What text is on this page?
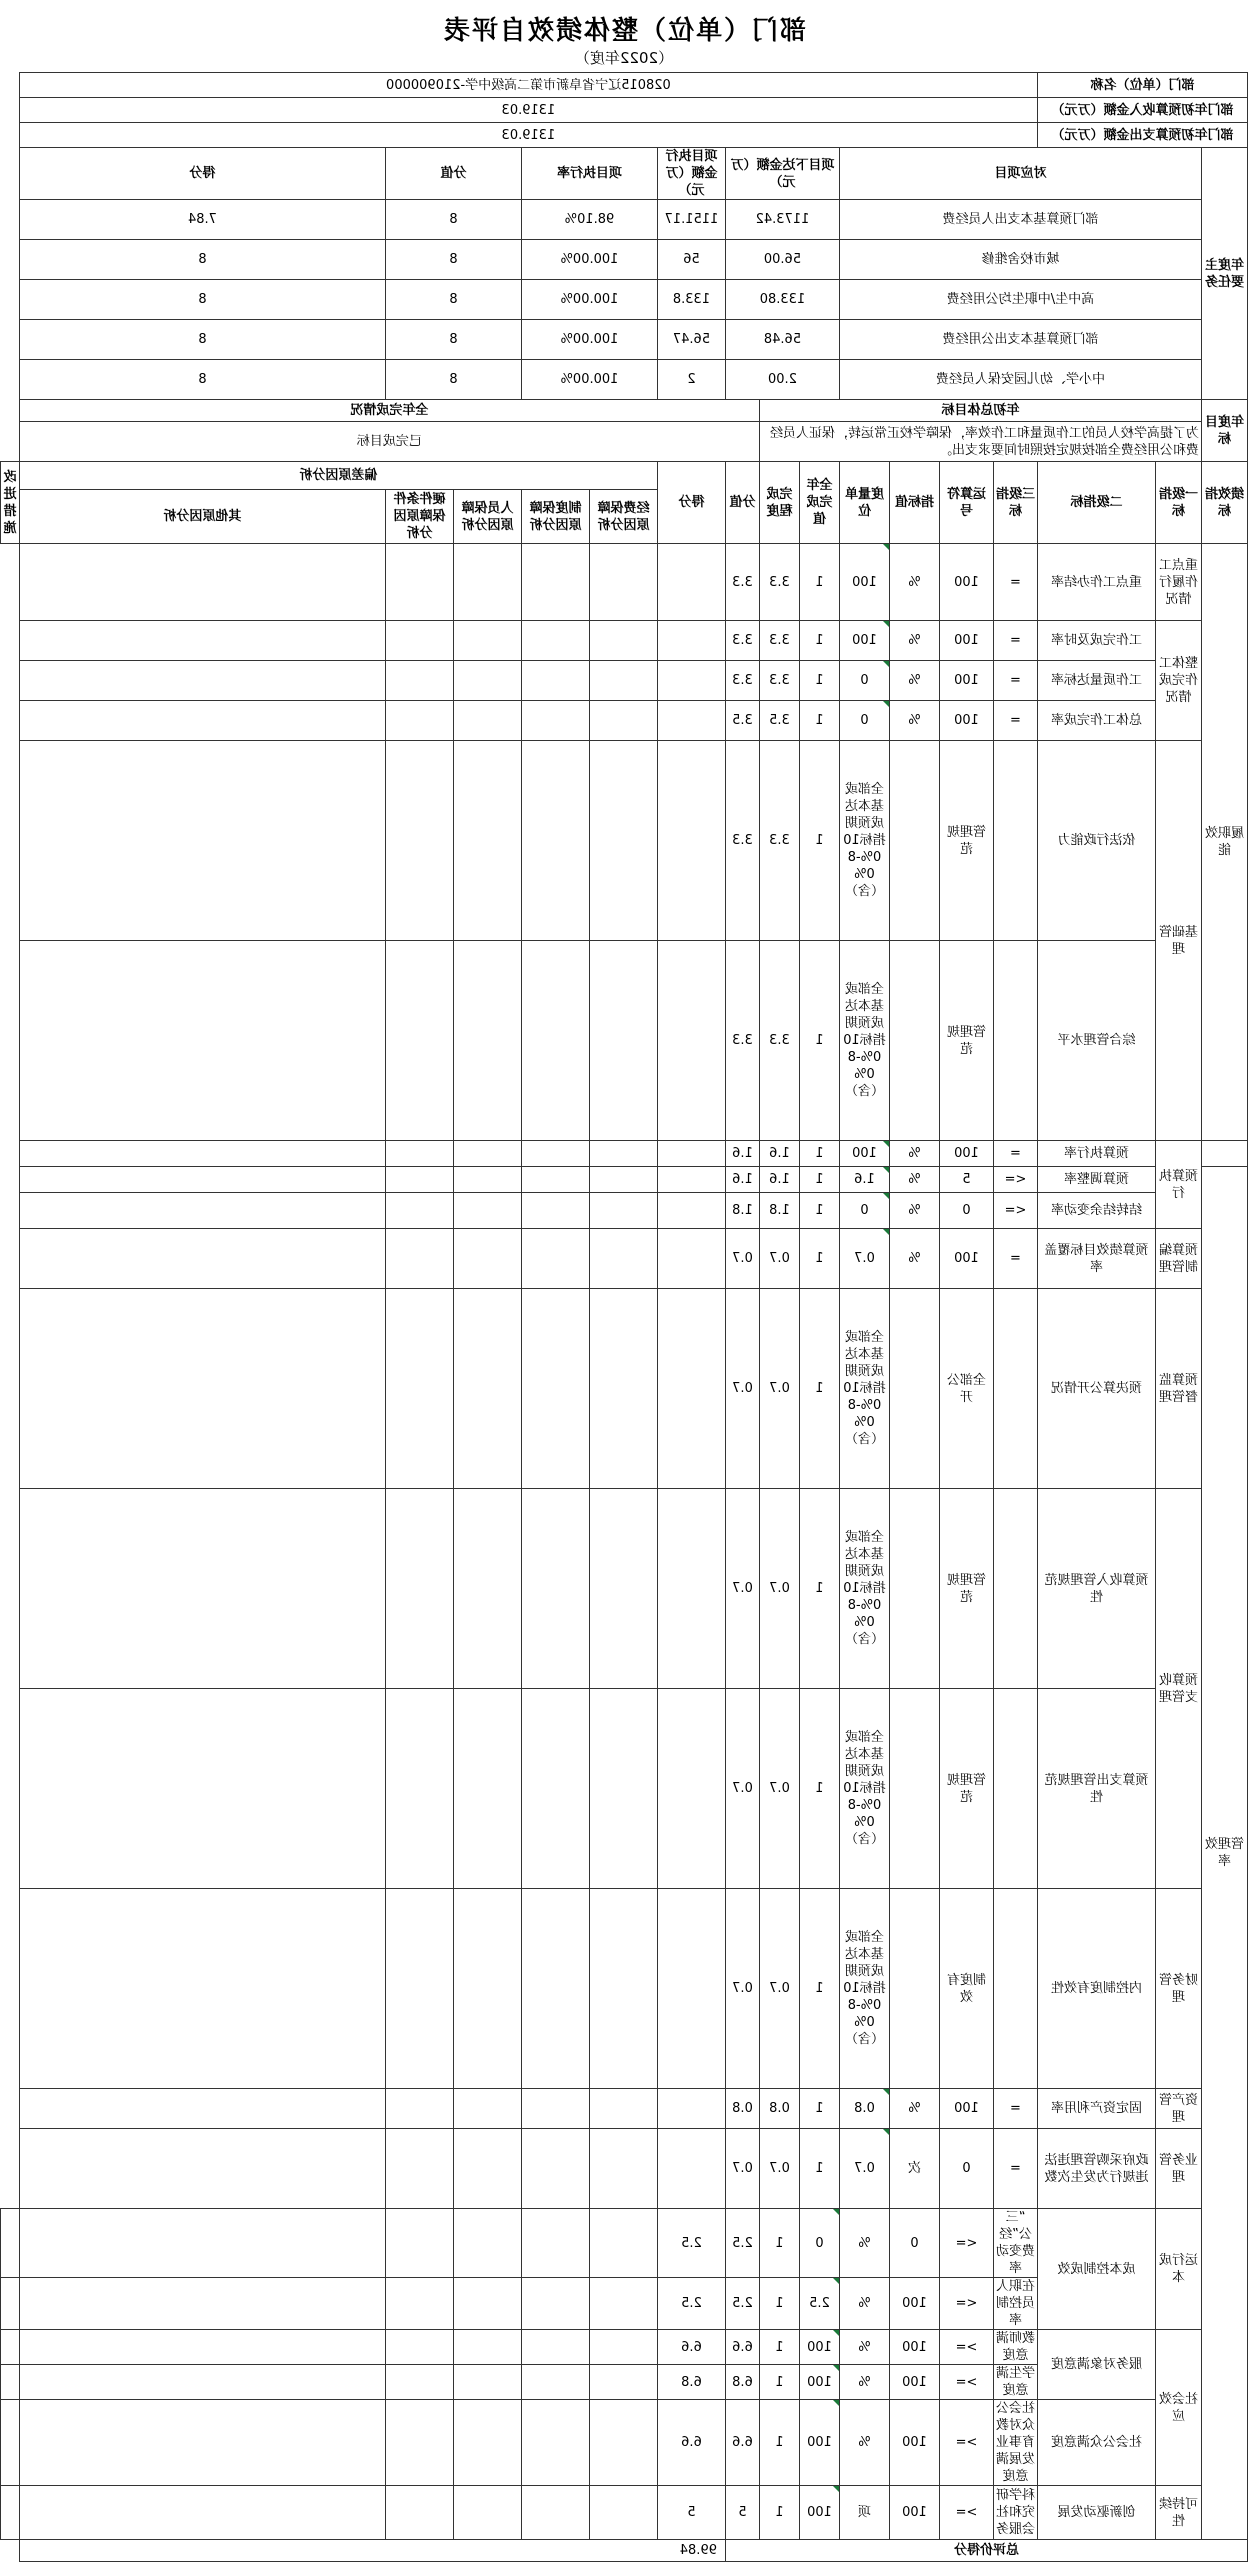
部门（单位）整体绩效自评表
（2022年度）
部门（单位）名称			028015辽宁省阜新市第二高级中学-210900000													
部门年初预算收入金额（万元）			1319.03													
部门年初预算支出金额（万元）			1319.03													
年度主要任务	对应项目						项目下达金额（万元）			项目执行金额（万元）	项目执行率		分值		得分	
	部门预算基本支出人员经费						1173.42			1151.17	98.10%		8		7.84	
	城市校舍维修						56.00			56	100.00%		8		8	
	高中生/中职生均公用经费						133.80			133.8	100.00%		8		8	
	部门预算基本支出公用经费						56.48			56.47	100.00%		8		8	
	中小学、幼儿园安保人员经费						2.00			2	100.00%		8		8	
年度目标	年初总体目标								全年完成情况							
	为了提高学校人员的工作质量和工作效率，保障学校正常运转，保证人员经费和公用经费全部按规定按照时间要求支出。								已完成目标							
绩效指标	一级指标	二级指标	三级指标	运算符号	指标值	度量单位	全年完成值	完成程度	分值	得分	偏差原因分析					改进措施
											经费保障原因分析	制度保障原因分析	人员保障原因分析	硬件条件保障原因分析	其他原因分析	
履职效能	重点工作履行情况	重点工作办结率	=	100	%	100	1	3.3	3.3							
	整体工作完成情况	工作完成及时率	=	100	%	100	1	3.3	3.3							
		工作质量达标率	=	100	%	0	1	3.3	3.3							
		总体工作完成率	=	100	%	0	1	3.5	3.5							
	基础管理	依法行政能力		管理规范		全部或基本达成预期指标100%-80%（含）	1	3.3	3.3							
		综合管理水平		管理规范		全部或基本达成预期指标100%-80%（含）	1	3.3	3.3							
	预算执行	预算执行率	=	100	%	100	1	1.6	1.6							
管理效率		预算调整率	<=	5	%	1.6	1	1.6	1.6							
		结转结余变动率	<=	0	%	0	1	1.8	1.8							
	预算编制管理	预算绩效目标覆盖率	=	100	%	0.7	1	0.7	0.7							
	预算监督管理	预决算公开情况		全部公开		全部或基本达成预期指标100%-80%（含）	1	0.7	0.7							
	预算收支管理	预算收入管理规范性		管理规范		全部或基本达成预期指标100%-80%（含）	1	0.7	0.7							
		预算支出管理规范性		管理规范		全部或基本达成预期指标100%-80%（含）	1	0.7	0.7							
	财务管理	内控制度有效性		制度有效		全部或基本达成预期指标100%-80%（含）	1	0.7	0.7							
	资产管理	固定资产利用率	=	100	%	0.8	1	0.8	0.8							
	业务管理	政府采购管理违法违规行为发生次数	=	0	次	0.7	1	0.7	0.7							
	运行成本	成本控制成效	“三公”经费变动率	<=	0	%	0	1	2.5	2.5						
			在职人员控制率	<=	100	%	2.5	1	2.5	2.5						
	社会效应	服务对象满意度	教师满意度	>=	100	%	100	1	6.6	6.6						
			学生满意度	>=	100	%	100	1	6.8	6.8						
		社会公众满意度	社会公众对教育事业发展满意度	>=	100	%	100	1	6.6	6.6						
	可持续性	创新驱动发展	科学研究和社会服务	>=	100	项	100	1	5	5						
总评价得分										99.84						
